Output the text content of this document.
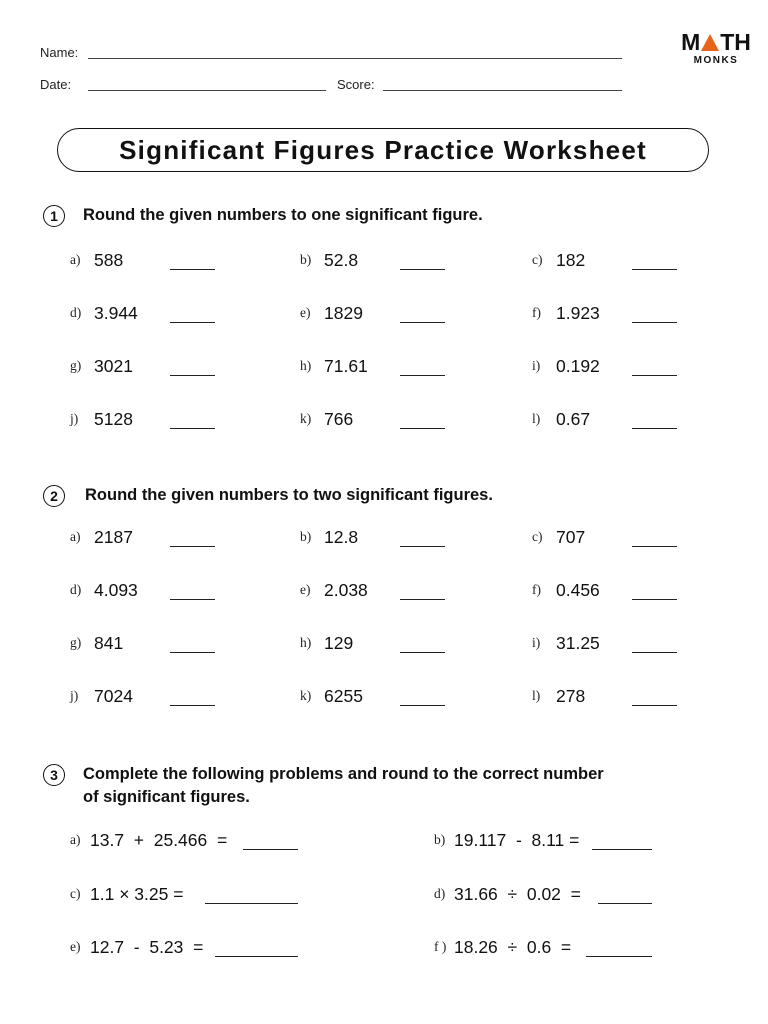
Name:
Date:	Score:
M TH
MONKS
Significant Figures Practice Worksheet
1	Round the given numbers to one significant figure.
a) 588	b) 52.8	c) 182
d) 3.944	e) 1829	f) 1.923
g) 3021	h) 71.61	i) 0.192
j) 5128	k) 766	l) 0.67
2	Round the given numbers to two significant figures.
a) 2187	b) 12.8	c) 707
d) 4.093	e) 2.038	f) 0.456
g) 841	h) 129	i) 31.25
j) 7024	k) 6255	l) 278
3	Complete the following problems and round to the correct number
of significant figures.
a) 13.7  +  25.466  =	b) 19.117  -  8.11 =
c) 1.1 × 3.25 =	d) 31.66  ÷  0.02  =
e) 12.7  -  5.23  =	f ) 18.26  ÷  0.6  =
